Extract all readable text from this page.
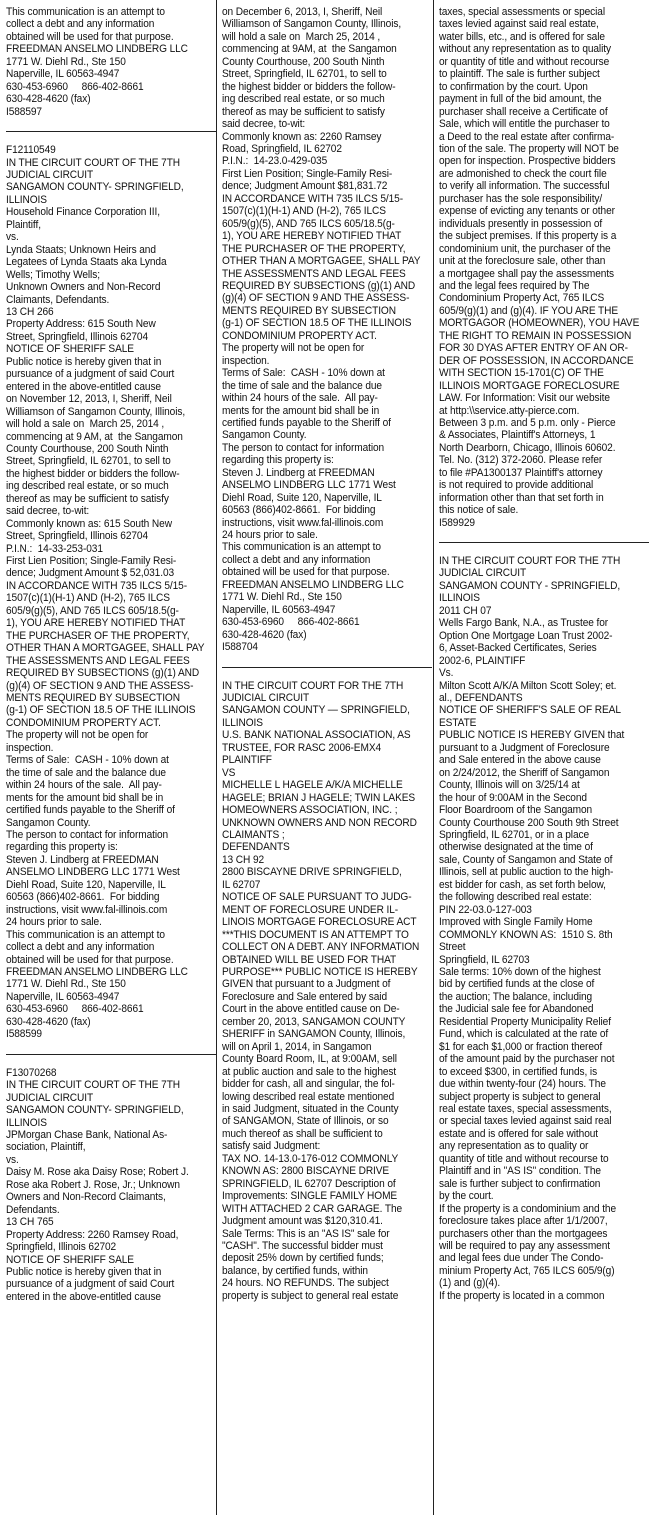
This communication is an attempt to
collect a debt and any information
obtained will be used for that purpose.
FREEDMAN ANSELMO LINDBERG LLC
1771 W. Diehl Rd., Ste 150
Naperville, IL 60563-4947
630-453-6960     866-402-8661
630-428-4620 (fax)
I588597

F12110549
IN THE CIRCUIT COURT OF THE 7TH
JUDICIAL CIRCUIT
SANGAMON COUNTY- SPRINGFIELD,
ILLINOIS
Household Finance Corporation III,
Plaintiff,
vs.
Lynda Staats; Unknown Heirs and
Legatees of Lynda Staats aka Lynda
Wells; Timothy Wells;
Unknown Owners and Non-Record
Claimants, Defendants.
13 CH 266
Property Address: 615 South New
Street, Springfield, Illinois 62704
NOTICE OF SHERIFF SALE
Public notice is hereby given that in
pursuance of a judgment of said Court
entered in the above-entitled cause
on November 12, 2013, I, Sheriff, Neil
Williamson of Sangamon County, Illinois,
will hold a sale on  March 25, 2014 ,
commencing at 9 AM, at  the Sangamon
County Courthouse, 200 South Ninth
Street, Springfield, IL 62701, to sell to
the highest bidder or bidders the follow-
ing described real estate, or so much
thereof as may be sufficient to satisfy
said decree, to-wit:
Commonly known as: 615 South New
Street, Springfield, Illinois 62704
P.I.N.:  14-33-253-031
First Lien Position; Single-Family Resi-
dence; Judgment Amount $ 52,031.03
IN ACCORDANCE WITH 735 ILCS 5/15-
1507(c)(1)(H-1) AND (H-2), 765 ILCS
605/9(g)(5), AND 765 ILCS 605/18.5(g-
1), YOU ARE HEREBY NOTIFIED THAT
THE PURCHASER OF THE PROPERTY,
OTHER THAN A MORTGAGEE, SHALL PAY
THE ASSESSMENTS AND LEGAL FEES
REQUIRED BY SUBSECTIONS (g)(1) AND
(g)(4) OF SECTION 9 AND THE ASSESS-
MENTS REQUIRED BY SUBSECTION
(g-1) OF SECTION 18.5 OF THE ILLINOIS
CONDOMINIUM PROPERTY ACT.
The property will not be open for
inspection.
Terms of Sale:  CASH - 10% down at
the time of sale and the balance due
within 24 hours of the sale.  All pay-
ments for the amount bid shall be in
certified funds payable to the Sheriff of
Sangamon County.
The person to contact for information
regarding this property is:
Steven J. Lindberg at FREEDMAN
ANSELMO LINDBERG LLC 1771 West
Diehl Road, Suite 120, Naperville, IL
60563 (866)402-8661.  For bidding
instructions, visit www.fal-illinois.com
24 hours prior to sale.
This communication is an attempt to
collect a debt and any information
obtained will be used for that purpose.
FREEDMAN ANSELMO LINDBERG LLC
1771 W. Diehl Rd., Ste 150
Naperville, IL 60563-4947
630-453-6960     866-402-8661
630-428-4620 (fax)
I588599

F13070268
IN THE CIRCUIT COURT OF THE 7TH
JUDICIAL CIRCUIT
SANGAMON COUNTY- SPRINGFIELD,
ILLINOIS
JPMorgan Chase Bank, National As-
sociation, Plaintiff,
vs.
Daisy M. Rose aka Daisy Rose; Robert J.
Rose aka Robert J. Rose, Jr.; Unknown
Owners and Non-Record Claimants,
Defendants.
13 CH 765
Property Address: 2260 Ramsey Road,
Springfield, Illinois 62702
NOTICE OF SHERIFF SALE
Public notice is hereby given that in
pursuance of a judgment of said Court
entered in the above-entitled cause

on December 6, 2013, I, Sheriff, Neil
Williamson of Sangamon County, Illinois,
will hold a sale on  March 25, 2014 ,
commencing at 9AM, at  the Sangamon
County Courthouse, 200 South Ninth
Street, Springfield, IL 62701, to sell to
the highest bidder or bidders the follow-
ing described real estate, or so much
thereof as may be sufficient to satisfy
said decree, to-wit:
Commonly known as: 2260 Ramsey
Road, Springfield, IL 62702
P.I.N.:  14-23.0-429-035
First Lien Position; Single-Family Resi-
dence; Judgment Amount $81,831.72
IN ACCORDANCE WITH 735 ILCS 5/15-
1507(c)(1)(H-1) AND (H-2), 765 ILCS
605/9(g)(5), AND 765 ILCS 605/18.5(g-
1), YOU ARE HEREBY NOTIFIED THAT
THE PURCHASER OF THE PROPERTY,
OTHER THAN A MORTGAGEE, SHALL PAY
THE ASSESSMENTS AND LEGAL FEES
REQUIRED BY SUBSECTIONS (g)(1) AND
(g)(4) OF SECTION 9 AND THE ASSESS-
MENTS REQUIRED BY SUBSECTION
(g-1) OF SECTION 18.5 OF THE ILLINOIS
CONDOMINIUM PROPERTY ACT.
The property will not be open for
inspection.
Terms of Sale:  CASH - 10% down at
the time of sale and the balance due
within 24 hours of the sale.  All pay-
ments for the amount bid shall be in
certified funds payable to the Sheriff of
Sangamon County.
The person to contact for information
regarding this property is:
Steven J. Lindberg at FREEDMAN
ANSELMO LINDBERG LLC 1771 West
Diehl Road, Suite 120, Naperville, IL
60563 (866)402-8661.  For bidding
instructions, visit www.fal-illinois.com
24 hours prior to sale.
This communication is an attempt to
collect a debt and any information
obtained will be used for that purpose.
FREEDMAN ANSELMO LINDBERG LLC
1771 W. Diehl Rd., Ste 150
Naperville, IL 60563-4947
630-453-6960     866-402-8661
630-428-4620 (fax)
I588704

IN THE CIRCUIT COURT FOR THE 7TH
JUDICIAL CIRCUIT
SANGAMON COUNTY — SPRINGFIELD,
ILLINOIS
U.S. BANK NATIONAL ASSOCIATION, AS
TRUSTEE, FOR RASC 2006-EMX4
PLAINTIFF
VS
MICHELLE L HAGELE A/K/A MICHELLE
HAGELE; BRIAN J HAGELE; TWIN LAKES
HOMEOWNERS ASSOCIATION, INC. ;
UNKNOWN OWNERS AND NON RECORD
CLAIMANTS ;
DEFENDANTS
13 CH 92
2800 BISCAYNE DRIVE SPRINGFIELD,
IL 62707
NOTICE OF SALE PURSUANT TO JUDG-
MENT OF FORECLOSURE UNDER IL-
LINOIS MORTGAGE FORECLOSURE ACT
***THIS DOCUMENT IS AN ATTEMPT TO
COLLECT ON A DEBT. ANY INFORMATION
OBTAINED WILL BE USED FOR THAT
PURPOSE*** PUBLIC NOTICE IS HEREBY
GIVEN that pursuant to a Judgment of
Foreclosure and Sale entered by said
Court in the above entitled cause on De-
cember 20, 2013, SANGAMON COUNTY
SHERIFF in SANGAMON County, Illinois,
will on April 1, 2014, in Sangamon
County Board Room, IL, at 9:00AM, sell
at public auction and sale to the highest
bidder for cash, all and singular, the fol-
lowing described real estate mentioned
in said Judgment, situated in the County
of SANGAMON, State of Illinois, or so
much thereof as shall be sufficient to
satisfy said Judgment:
TAX NO. 14-13.0-176-012 COMMONLY
KNOWN AS: 2800 BISCAYNE DRIVE
SPRINGFIELD, IL 62707 Description of
Improvements: SINGLE FAMILY HOME
WITH ATTACHED 2 CAR GARAGE. The
Judgment amount was $120,310.41.
Sale Terms: This is an "AS IS" sale for
"CASH". The successful bidder must
deposit 25% down by certified funds;
balance, by certified funds, within
24 hours. NO REFUNDS. The subject
property is subject to general real estate

taxes, special assessments or special
taxes levied against said real estate,
water bills, etc., and is offered for sale
without any representation as to quality
or quantity of title and without recourse
to plaintiff. The sale is further subject
to confirmation by the court. Upon
payment in full of the bid amount, the
purchaser shall receive a Certificate of
Sale, which will entitle the purchaser to
a Deed to the real estate after confirma-
tion of the sale. The property will NOT be
open for inspection. Prospective bidders
are admonished to check the court file
to verify all information. The successful
purchaser has the sole responsibility/
expense of evicting any tenants or other
individuals presently in possession of
the subject premises. If this property is a
condominium unit, the purchaser of the
unit at the foreclosure sale, other than
a mortgagee shall pay the assessments
and the legal fees required by The
Condominium Property Act, 765 ILCS
605/9(g)(1) and (g)(4). IF YOU ARE THE
MORTGAGOR (HOMEOWNER), YOU HAVE
THE RIGHT TO REMAIN IN POSSESSION
FOR 30 DYAS AFTER ENTRY OF AN OR-
DER OF POSSESSION, IN ACCORDANCE
WITH SECTION 15-1701(C) OF THE
ILLINOIS MORTGAGE FORECLOSURE
LAW. For Information: Visit our website
at http:\\service.atty-pierce.com.
Between 3 p.m. and 5 p.m. only - Pierce
& Associates, Plaintiff's Attorneys, 1
North Dearborn, Chicago, Illinois 60602.
Tel. No. (312) 372-2060. Please refer
to file #PA1300137 Plaintiff's attorney
is not required to provide additional
information other than that set forth in
this notice of sale.
I589929

IN THE CIRCUIT COURT FOR THE 7TH
JUDICIAL CIRCUIT
SANGAMON COUNTY - SPRINGFIELD,
ILLINOIS
2011 CH 07
Wells Fargo Bank, N.A., as Trustee for
Option One Mortgage Loan Trust 2002-
6, Asset-Backed Certificates, Series
2002-6, PLAINTIFF
Vs.
Milton Scott A/K/A Milton Scott Soley; et.
al., DEFENDANTS
NOTICE OF SHERIFF'S SALE OF REAL
ESTATE
PUBLIC NOTICE IS HEREBY GIVEN that
pursuant to a Judgment of Foreclosure
and Sale entered in the above cause
on 2/24/2012, the Sheriff of Sangamon
County, Illinois will on 3/25/14 at
the hour of 9:00AM in the Second
Floor Boardroom of the Sangamon
County Courthouse 200 South 9th Street
Springfield, IL 62701, or in a place
otherwise designated at the time of
sale, County of Sangamon and State of
Illinois, sell at public auction to the high-
est bidder for cash, as set forth below,
the following described real estate:
PIN 22-03.0-127-003
Improved with Single Family Home
COMMONLY KNOWN AS:  1510 S. 8th
Street
Springfield, IL 62703
Sale terms: 10% down of the highest
bid by certified funds at the close of
the auction; The balance, including
the Judicial sale fee for Abandoned
Residential Property Municipality Relief
Fund, which is calculated at the rate of
$1 for each $1,000 or fraction thereof
of the amount paid by the purchaser not
to exceed $300, in certified funds, is
due within twenty-four (24) hours. The
subject property is subject to general
real estate taxes, special assessments,
or special taxes levied against said real
estate and is offered for sale without
any representation as to quality or
quantity of title and without recourse to
Plaintiff and in "AS IS" condition. The
sale is further subject to confirmation
by the court.
If the property is a condominium and the
foreclosure takes place after 1/1/2007,
purchasers other than the mortgagees
will be required to pay any assessment
and legal fees due under The Condo-
minium Property Act, 765 ILCS 605/9(g)
(1) and (g)(4).
If the property is located in a common
